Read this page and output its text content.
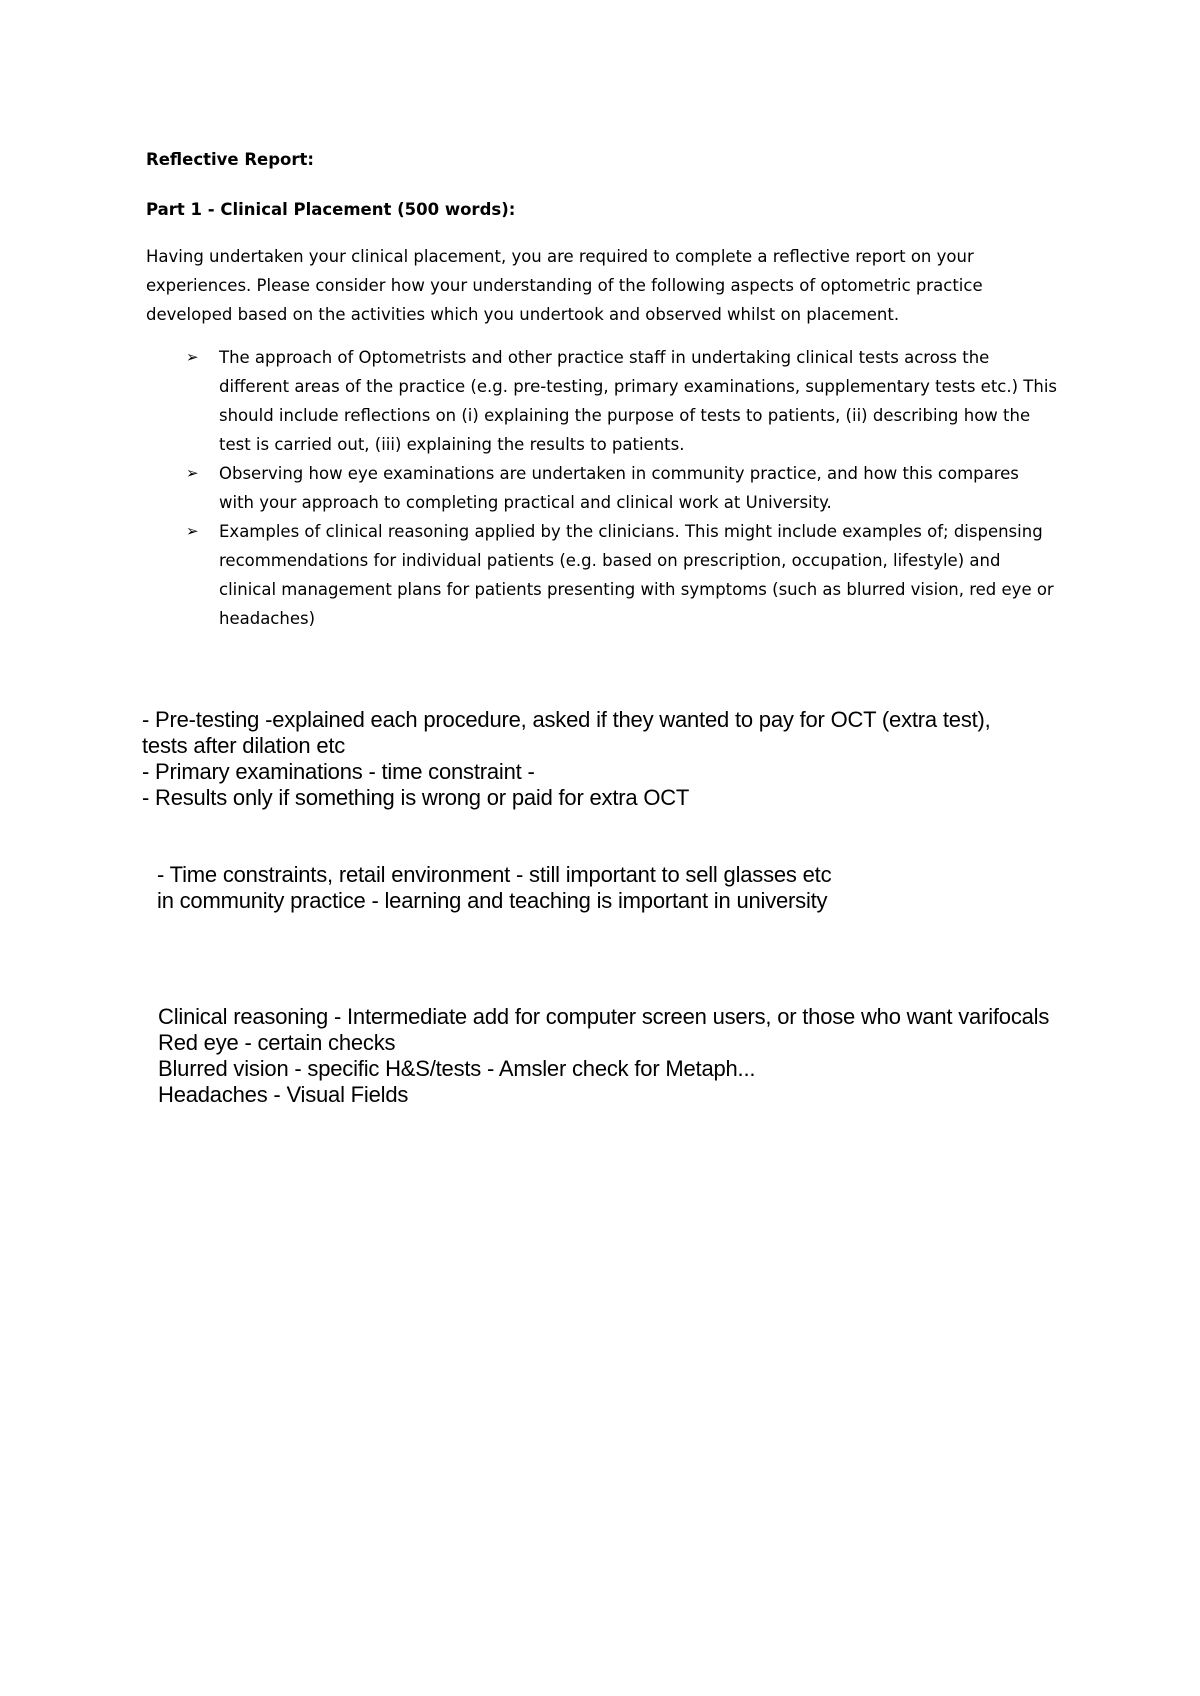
Reflective Report:

Part 1 - Clinical Placement (500 words):

Having undertaken your clinical placement, you are required to complete a reflective report on your experiences. Please consider how your understanding of the following aspects of optometric practice developed based on the activities which you undertook and observed whilst on placement.

➢ The approach of Optometrists and other practice staff in undertaking clinical tests across the different areas of the practice (e.g. pre-testing, primary examinations, supplementary tests etc.) This should include reflections on (i) explaining the purpose of tests to patients, (ii) describing how the test is carried out, (iii) explaining the results to patients.
➢ Observing how eye examinations are undertaken in community practice, and how this compares with your approach to completing practical and clinical work at University.
➢ Examples of clinical reasoning applied by the clinicians. This might include examples of; dispensing recommendations for individual patients (e.g. based on prescription, occupation, lifestyle) and clinical management plans for patients presenting with symptoms (such as blurred vision, red eye or headaches)
- Pre-testing -explained each procedure, asked if they wanted to pay for OCT (extra test),
tests after dilation etc
- Primary examinations - time constraint -
- Results only if something is wrong or paid for extra OCT
- Time constraints, retail environment - still important to sell glasses etc
in community practice - learning and teaching is important in university
Clinical reasoning - Intermediate add for computer screen users, or those who want varifocals
Red eye - certain checks
Blurred vision - specific H&S/tests - Amsler check for Metaph...
Headaches - Visual Fields
